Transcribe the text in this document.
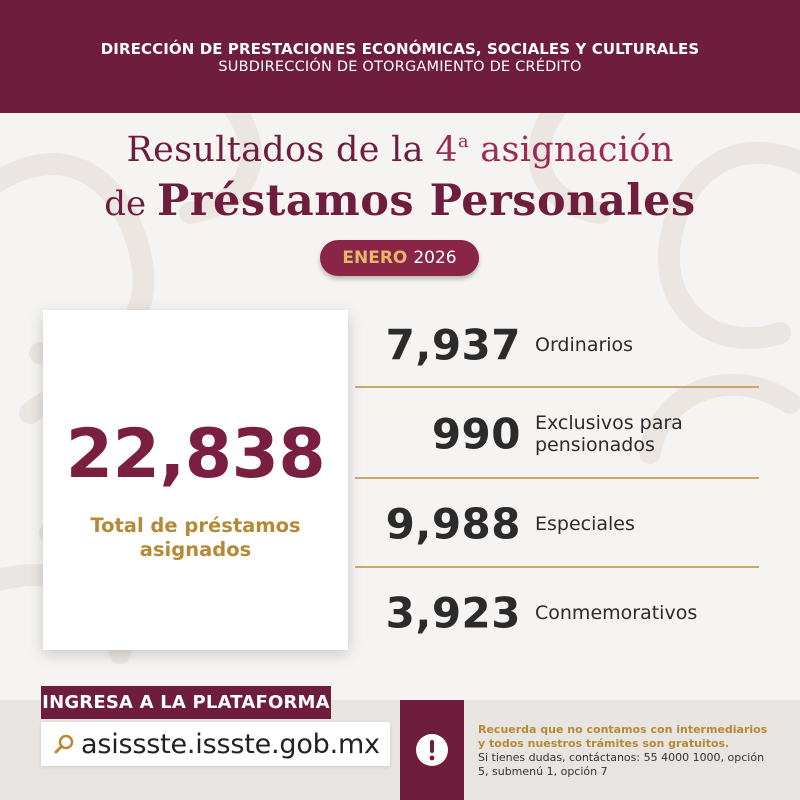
DIRECCIÓN DE PRESTACIONES ECONÓMICAS, SOCIALES Y CULTURALES
SUBDIRECCIÓN DE OTORGAMIENTO DE CRÉDITO
Resultados de la 4$^a$ asignación
de Préstamos Personales
ENERO 2026
22,838
Total de préstamos asignados
7,937 Ordinarios
990 Exclusivos para pensionados
9,988 Especiales
3,923 Conmemorativos
INGRESA A LA PLATAFORMA
asissste.issste.gob.mx	Recuerda que no contamos con intermediarios y todos nuestros trámites son gratuitos.
Si tienes dudas, contáctanos: 55 4000 1000, opción 5, submenú 1, opción 7
